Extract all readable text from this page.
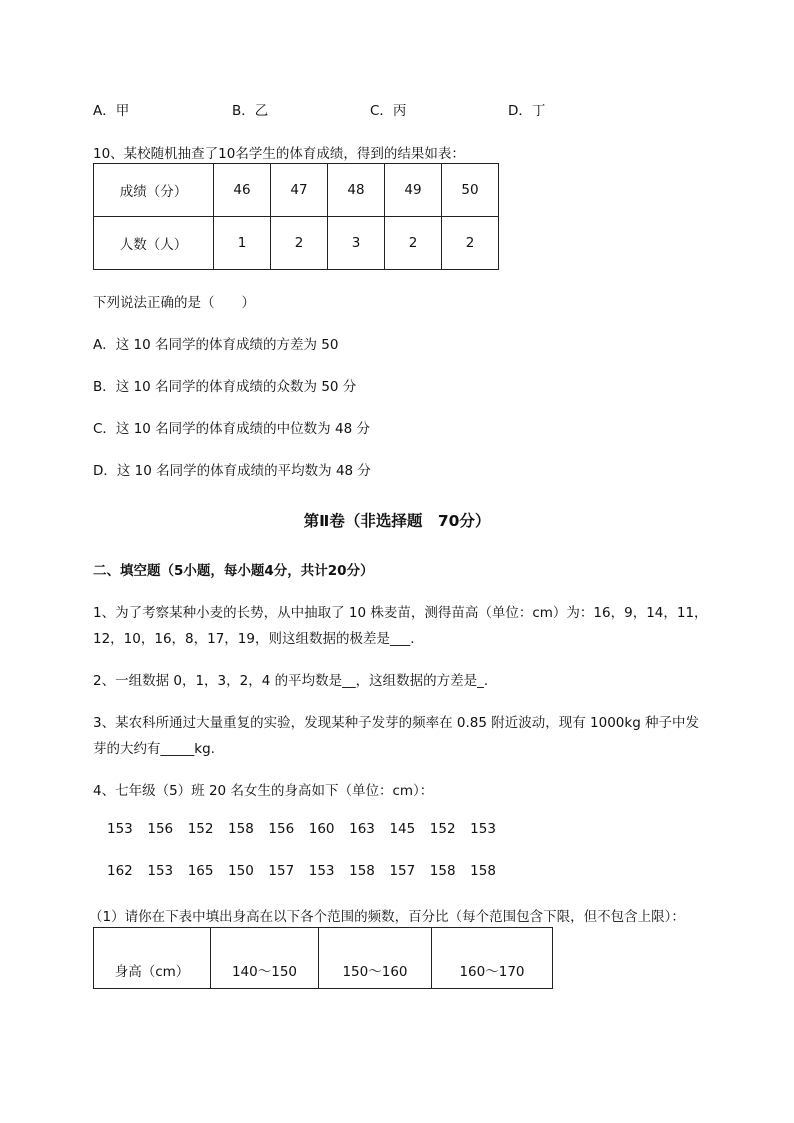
A．甲	B．乙	C．丙	D．丁
10、某校随机抽查了10名学生的体育成绩，得到的结果如表：
成绩（分）	46	47	48	49	50
人数（人）	1	2	3	2	2
下列说法正确的是（　　）
A．这 10 名同学的体育成绩的方差为 50
B．这 10 名同学的体育成绩的众数为 50 分
C．这 10 名同学的体育成绩的中位数为 48 分
D．这 10 名同学的体育成绩的平均数为 48 分
第Ⅱ卷（非选择题　70分）
二、填空题（5小题，每小题4分，共计20分）
1、为了考察某种小麦的长势，从中抽取了 10 株麦苗，测得苗高（单位：cm）为：16，9，14，11，
12，10，16，8，17，19，则这组数据的极差是___.
2、一组数据 0，1，3，2，4 的平均数是__，这组数据的方差是_.
3、某农科所通过大量重复的实验，发现某种子发芽的频率在 0.85 附近波动，现有 1000kg 种子中发
芽的大约有_____kg.
4、七年级（5）班 20 名女生的身高如下（单位：cm）：
153  156  152  158  156  160  163  145  152  153
162  153  165  150  157  153  158  157  158  158
（1）请你在下表中填出身高在以下各个范围的频数，百分比（每个范围包含下限，但不包含上限）：
身高（cm）	140～150	150～160	160～170
